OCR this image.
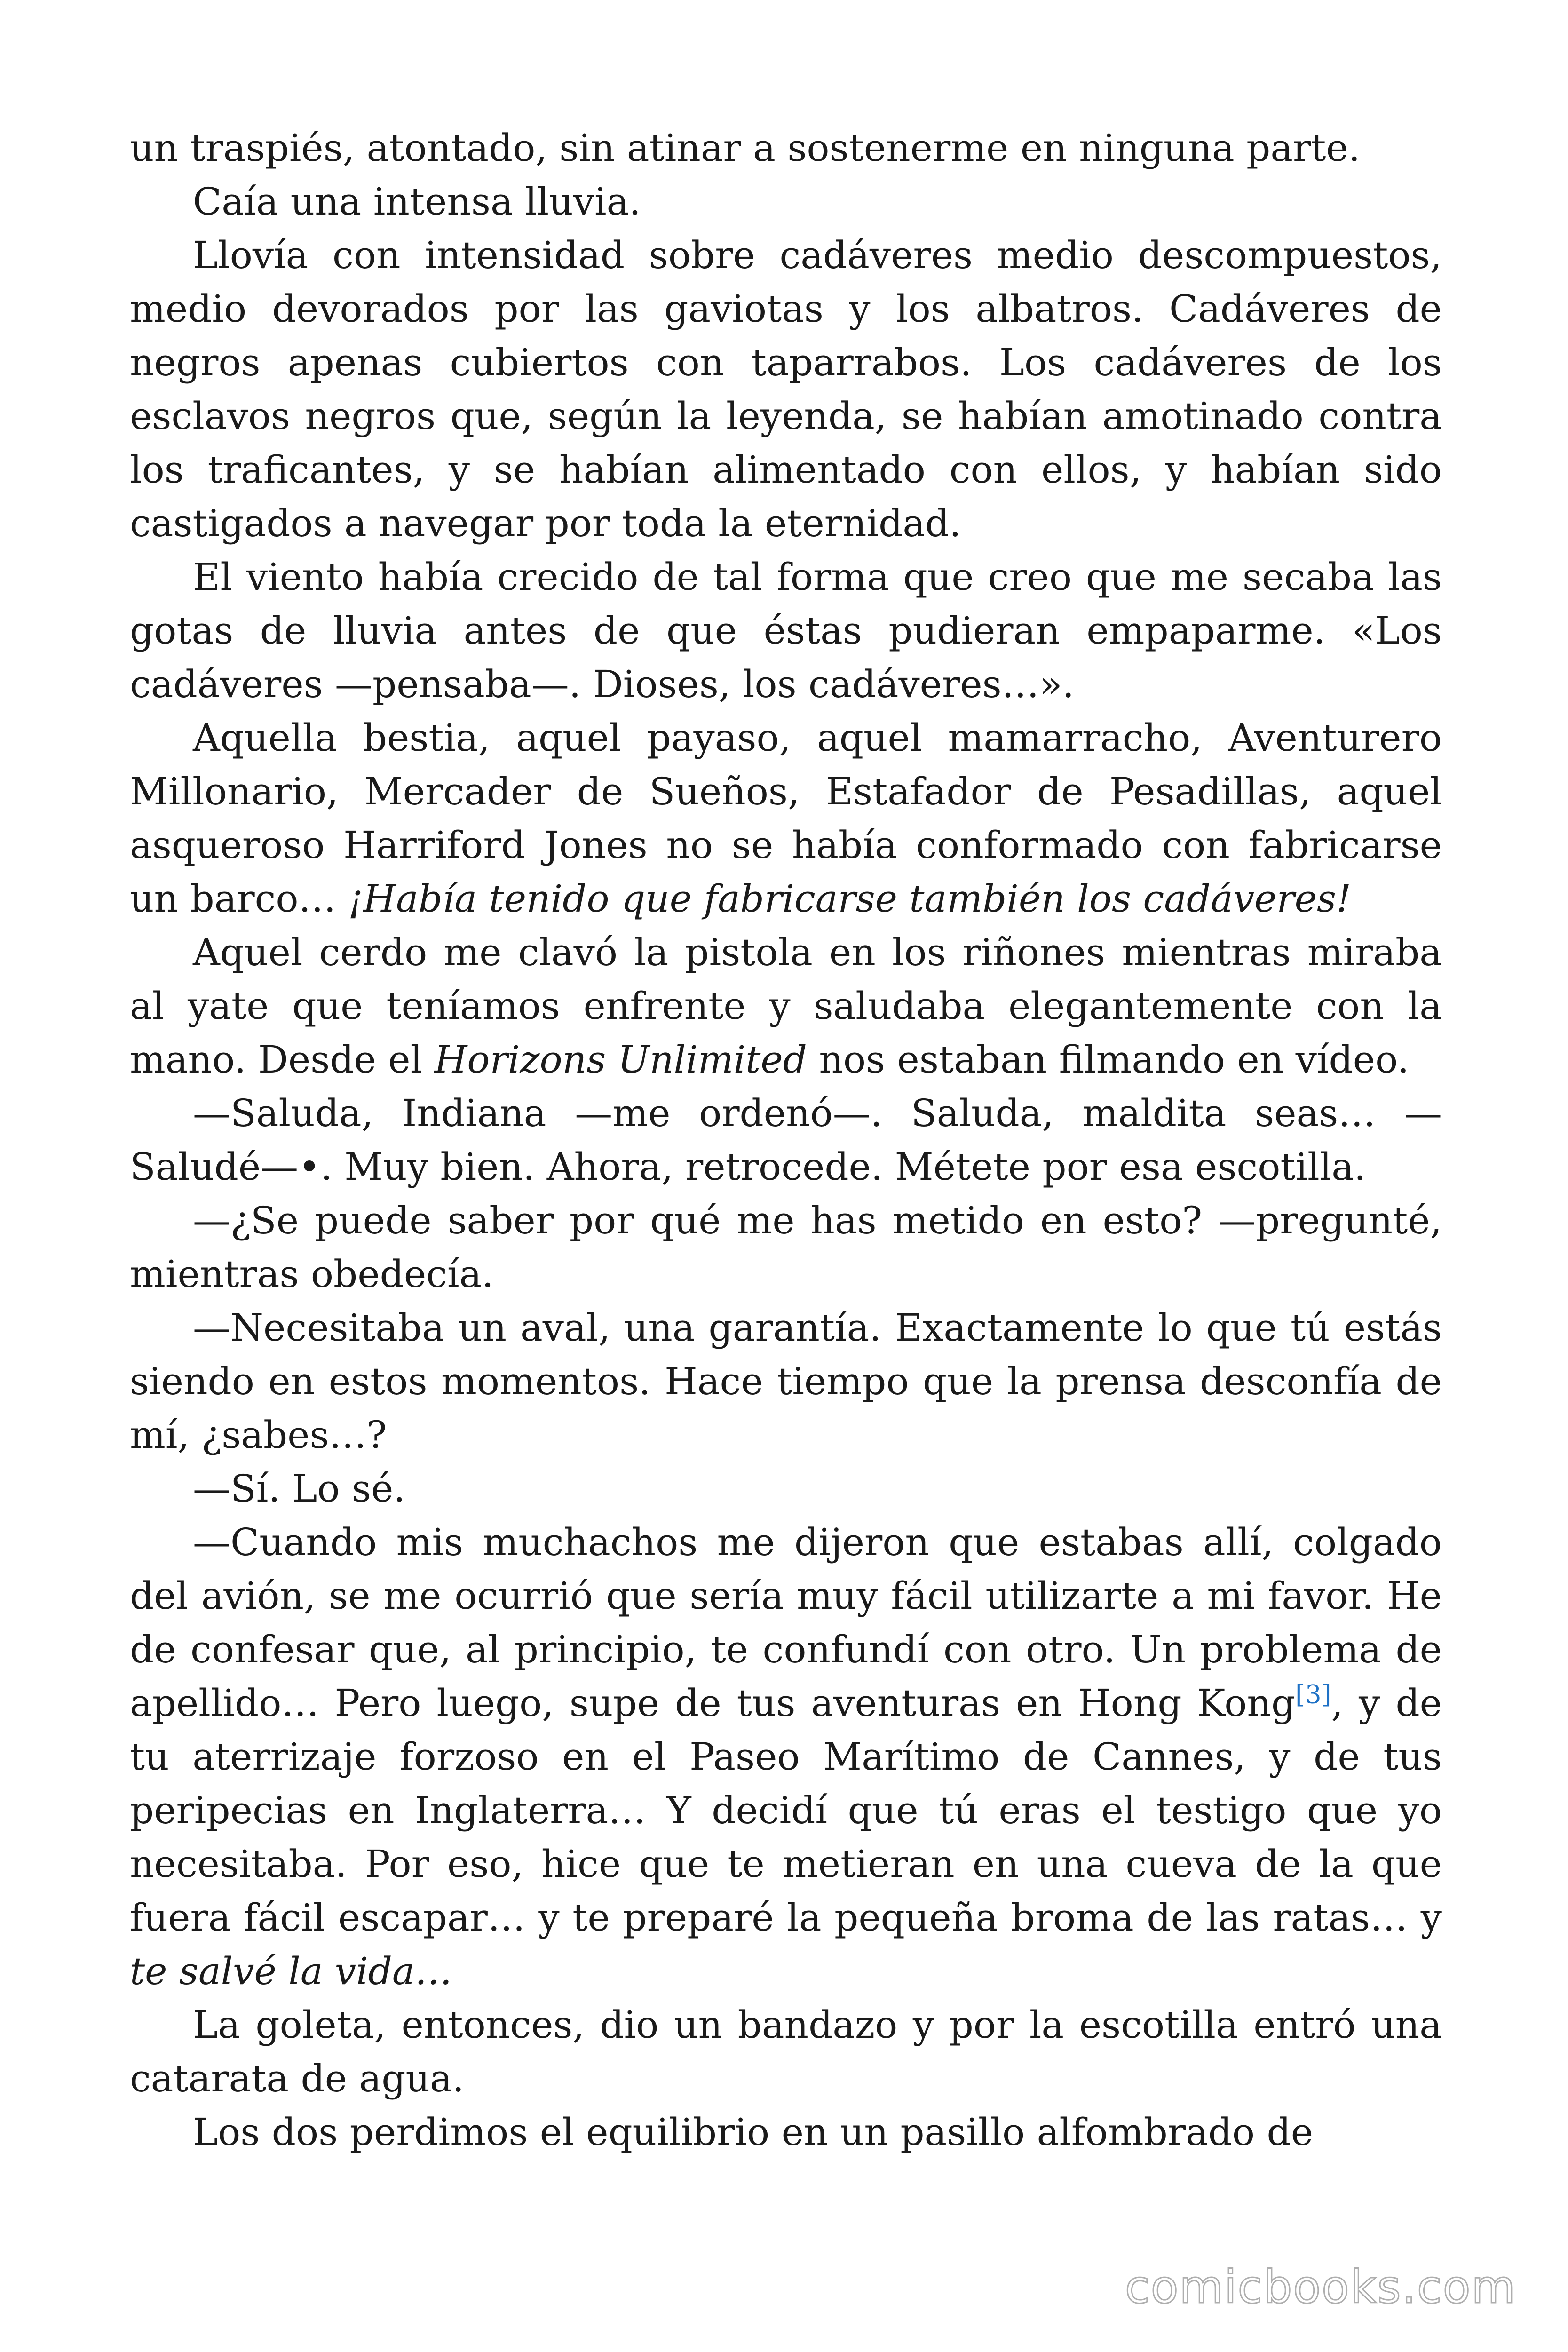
un traspiés, atontado, sin atinar a sostenerme en ninguna parte.

Caía una intensa lluvia.

Llovía con intensidad sobre cadáveres medio descompuestos, medio devorados por las gaviotas y los albatros. Cadáveres de negros apenas cubiertos con taparrabos. Los cadáveres de los esclavos negros que, según la leyenda, se habían amotinado contra los traficantes, y se habían alimentado con ellos, y habían sido castigados a navegar por toda la eternidad.

El viento había crecido de tal forma que creo que me secaba las gotas de lluvia antes de que éstas pudieran empaparme. «Los cadáveres —pensaba—. Dioses, los cadáveres…».

Aquella bestia, aquel payaso, aquel mamarracho, Aventurero Millonario, Mercader de Sueños, Estafador de Pesadillas, aquel asqueroso Harriford Jones no se había conformado con fabricarse un barco… ¡Había tenido que fabricarse también los cadáveres!

Aquel cerdo me clavó la pistola en los riñones mientras miraba al yate que teníamos enfrente y saludaba elegantemente con la mano. Desde el Horizons Unlimited nos estaban filmando en vídeo.

—Saluda, Indiana —me ordenó—. Saluda, maldita seas… —Saludé—•. Muy bien. Ahora, retrocede. Métete por esa escotilla.

—¿Se puede saber por qué me has metido en esto? —pregunté, mientras obedecía.

—Necesitaba un aval, una garantía. Exactamente lo que tú estás siendo en estos momentos. Hace tiempo que la prensa desconfía de mí, ¿sabes…?

—Sí. Lo sé.

—Cuando mis muchachos me dijeron que estabas allí, colgado del avión, se me ocurrió que sería muy fácil utilizarte a mi favor. He de confesar que, al principio, te confundí con otro. Un problema de apellido… Pero luego, supe de tus aventuras en Hong Kong[3], y de tu aterrizaje forzoso en el Paseo Marítimo de Cannes, y de tus peripecias en Inglaterra… Y decidí que tú eras el testigo que yo necesitaba. Por eso, hice que te metieran en una cueva de la que fuera fácil escapar… y te preparé la pequeña broma de las ratas… y te salvé la vida…

La goleta, entonces, dio un bandazo y por la escotilla entró una catarata de agua.

Los dos perdimos el equilibrio en un pasillo alfombrado de

comicbooks.com
